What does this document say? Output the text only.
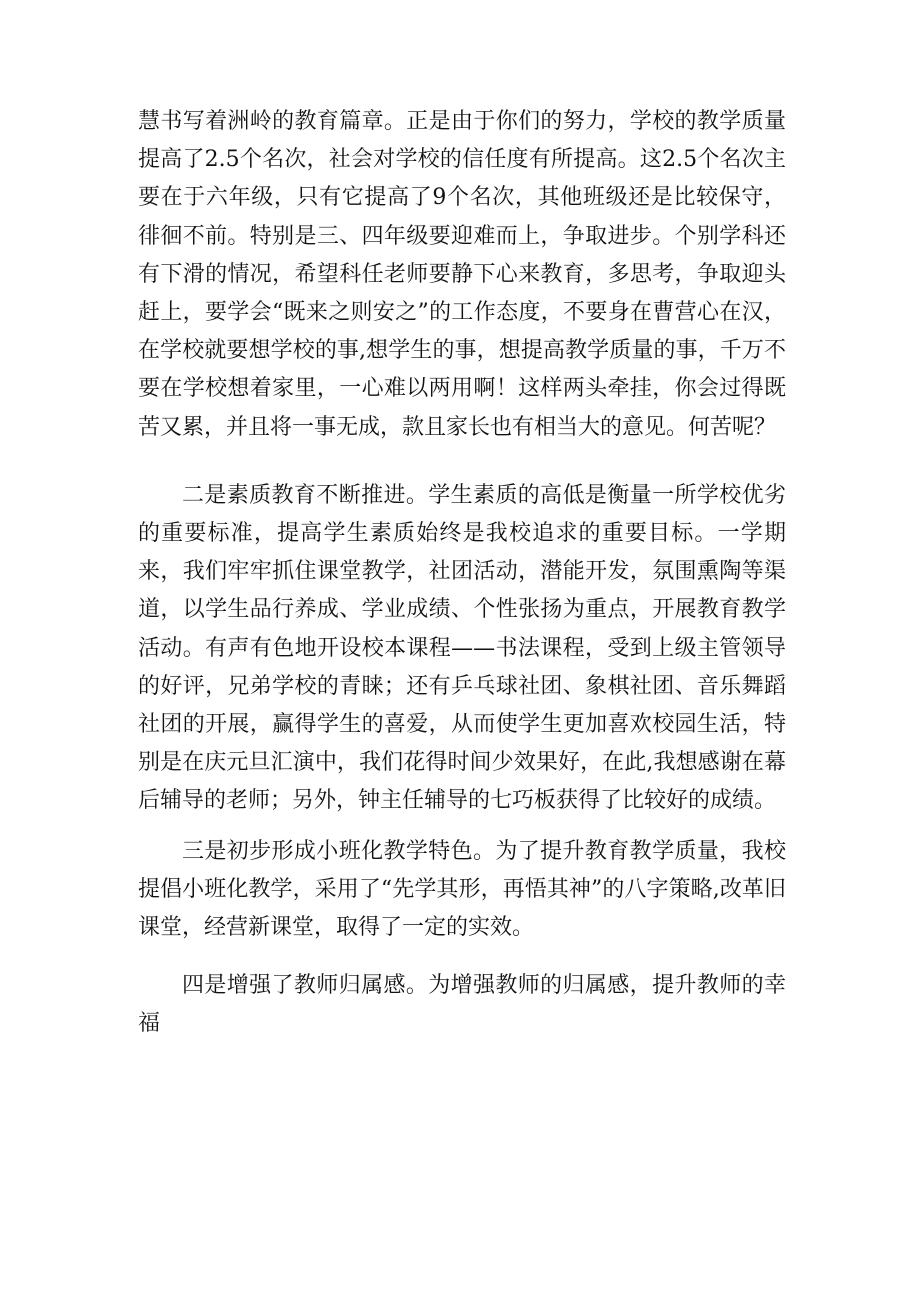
慧书写着洲岭的教育篇章。正是由于你们的努力，学校的教学质量提高了2.5个名次，社会对学校的信任度有所提高。这2.5个名次主要在于六年级，只有它提高了9个名次，其他班级还是比较保守，徘徊不前。特别是三、四年级要迎难而上，争取进步。个别学科还有下滑的情况，希望科任老师要静下心来教育，多思考，争取迎头赶上，要学会“既来之则安之”的工作态度，不要身在曹营心在汉，在学校就要想学校的事,想学生的事，想提高教学质量的事，千万不要在学校想着家里，一心难以两用啊！这样两头牵挂，你会过得既苦又累，并且将一事无成，款且家长也有相当大的意见。何苦呢？

二是素质教育不断推进。学生素质的高低是衡量一所学校优劣的重要标准，提高学生素质始终是我校追求的重要目标。一学期来，我们牢牢抓住课堂教学，社团活动，潜能开发，氛围熏陶等渠道，以学生品行养成、学业成绩、个性张扬为重点，开展教育教学活动。有声有色地开设校本课程——书法课程，受到上级主管领导的好评，兄弟学校的青睐；还有乒乓球社团、象棋社团、音乐舞蹈社团的开展，赢得学生的喜爱，从而使学生更加喜欢校园生活，特别是在庆元旦汇演中，我们花得时间少效果好，在此,我想感谢在幕后辅导的老师；另外，钟主任辅导的七巧板获得了比较好的成绩。

三是初步形成小班化教学特色。为了提升教育教学质量，我校提倡小班化教学，采用了“先学其形，再悟其神”的八字策略,改革旧课堂，经营新课堂，取得了一定的实效。

四是增强了教师归属感。为增强教师的归属感，提升教师的幸福
